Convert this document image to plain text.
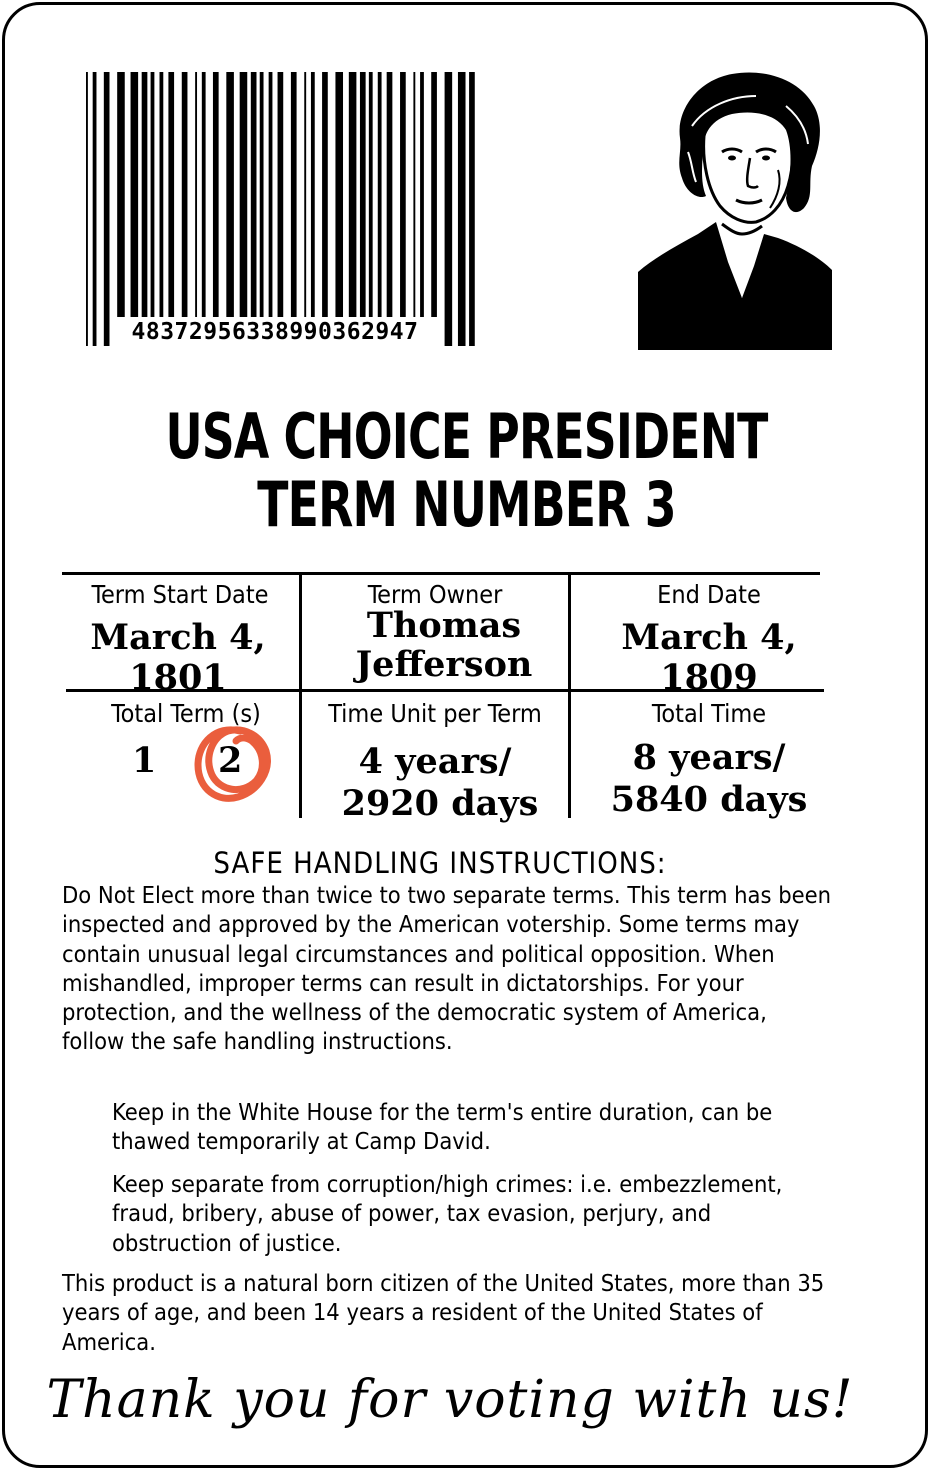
48372956338990362947
USA CHOICE PRESIDENT
TERM NUMBER 3
Term Start Date
March 4, 1801
Term Owner
Thomas
Jefferson
End Date
March 4, 1809
Total Term (s)
1 2
Time Unit per Term
4 years/
2920 days
Total Time
8 years/
5840 days
SAFE HANDLING INSTRUCTIONS:

Do Not Elect more than twice to two separate terms. This term has been inspected and approved by the American votership. Some terms may contain unusual legal circumstances and political opposition. When mishandled, improper terms can result in dictatorships. For your protection, and the wellness of the democratic system of America, follow the safe handling instructions.

Keep in the White House for the term's entire duration, can be thawed temporarily at Camp David.

Keep separate from corruption/high crimes: i.e. embezzlement, fraud, bribery, abuse of power, tax evasion, perjury, and obstruction of justice.

This product is a natural born citizen of the United States, more than 35 years of age, and been 14 years a resident of the United States of America.

Thank you for voting with us!
